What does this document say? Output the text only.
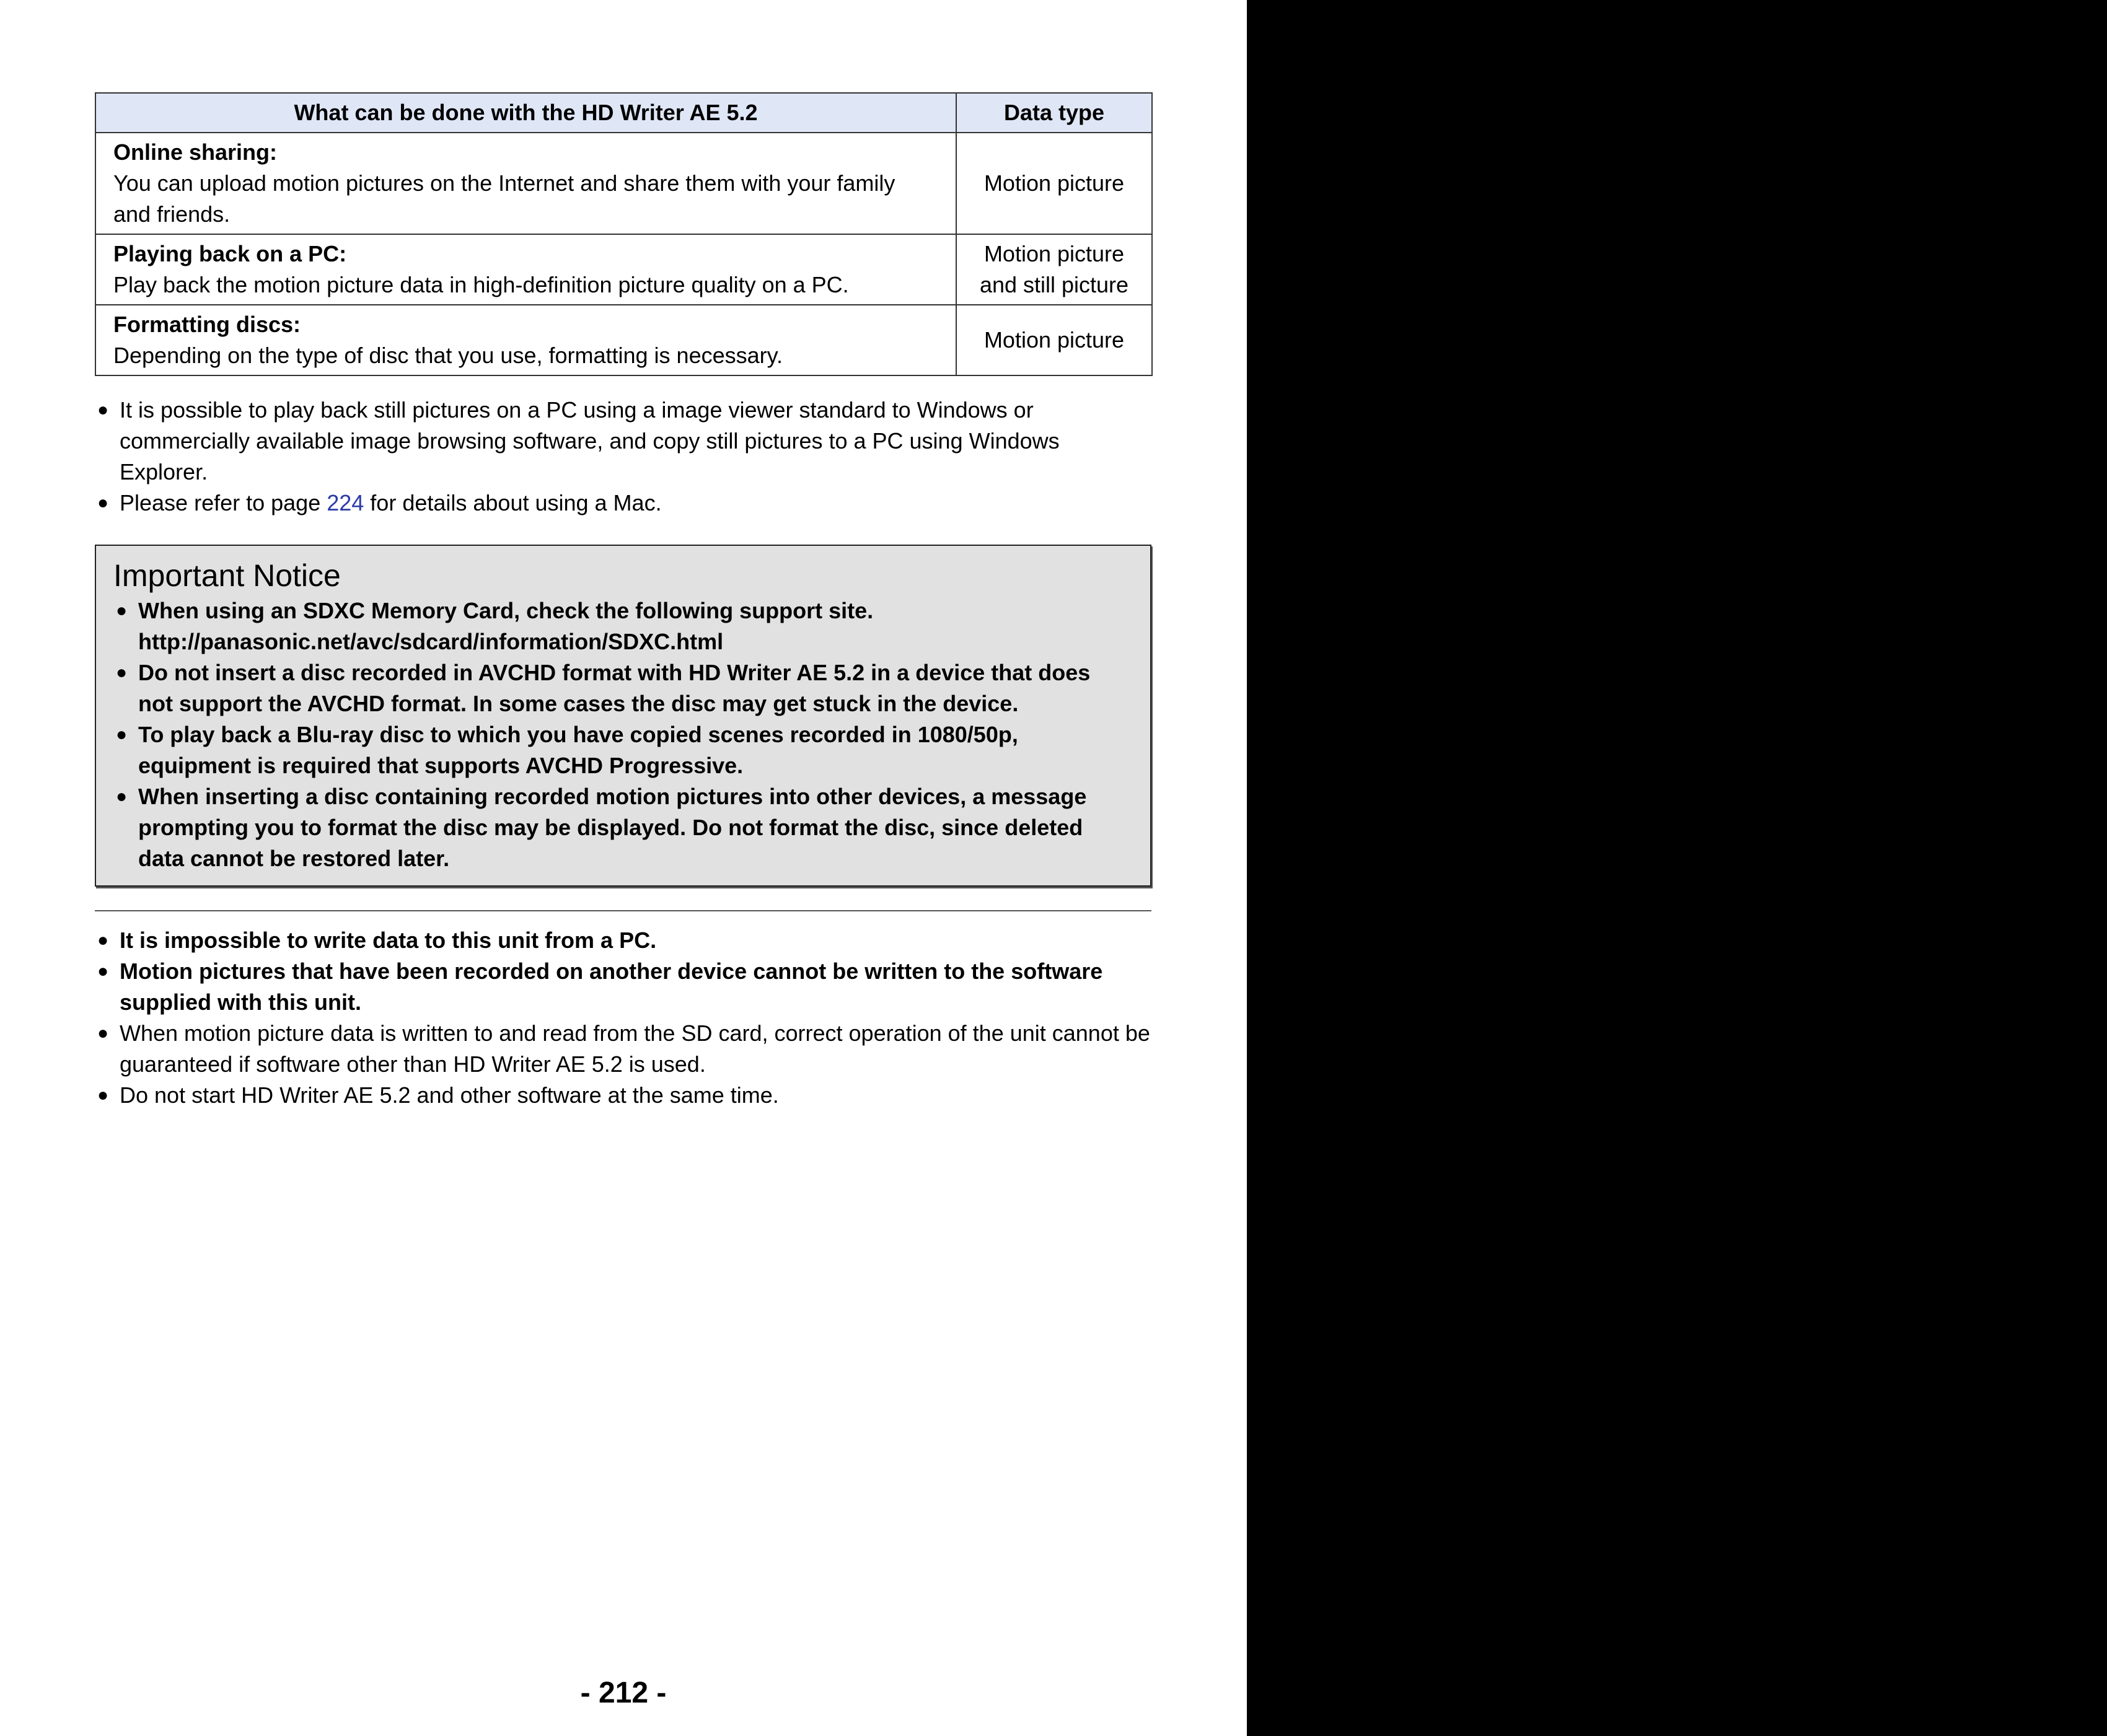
What can be done with the HD Writer AE 5.2	Data type

Online sharing:
You can upload motion pictures on the Internet and share them with your family and friends.	Motion picture

Playing back on a PC:
Play back the motion picture data in high-definition picture quality on a PC.	Motion picture
and still picture

Formatting discs:
Depending on the type of disc that you use, formatting is necessary.	Motion picture
● It is possible to play back still pictures on a PC using a image viewer standard to Windows or commercially available image browsing software, and copy still pictures to a PC using Windows Explorer.
● Please refer to page 224 for details about using a Mac.
Important Notice
● When using an SDXC Memory Card, check the following support site.
http://panasonic.net/avc/sdcard/information/SDXC.html
● Do not insert a disc recorded in AVCHD format with HD Writer AE 5.2 in a device that does not support the AVCHD format. In some cases the disc may get stuck in the device.
● To play back a Blu-ray disc to which you have copied scenes recorded in 1080/50p, equipment is required that supports AVCHD Progressive.
● When inserting a disc containing recorded motion pictures into other devices, a message prompting you to format the disc may be displayed. Do not format the disc, since deleted data cannot be restored later.
● It is impossible to write data to this unit from a PC.
● Motion pictures that have been recorded on another device cannot be written to the software supplied with this unit.
● When motion picture data is written to and read from the SD card, correct operation of the unit cannot be guaranteed if software other than HD Writer AE 5.2 is used.
● Do not start HD Writer AE 5.2 and other software at the same time.
- 212 -
